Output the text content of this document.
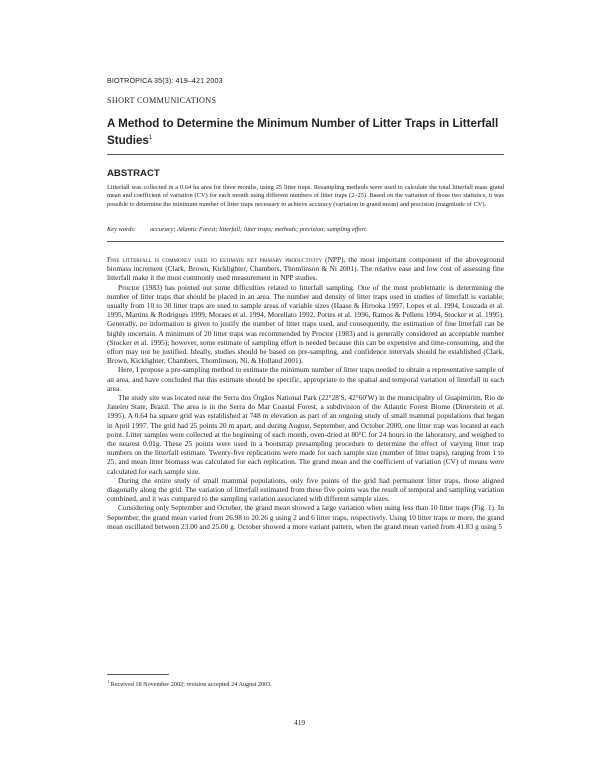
BIOTROPICA 35(3): 419–421 2003
SHORT COMMUNICATIONS
A Method to Determine the Minimum Number of Litter Traps in Litterfall Studies$^1$
ABSTRACT
Litterfall was collected in a 0.64 ha area for three months, using 25 litter traps. Resampling methods were used to calculate the total litterfall mass grand mean and coefficient of variation (CV) for each month using different numbers of litter traps (2–25). Based on the variation of those two statistics, it was possible to determine the minimum number of litter traps necessary to achieve accuracy (variation in grand mean) and precision (magnitude of CV).
Key words: accuracy; Atlantic Forest; litterfall; litter traps; methods; precision; sampling effort.

Fine litterfall is commonly used to estimate net primary productivity (NPP), the most important component of the aboveground biomass increment (Clark, Brown, Kicklighter, Chambers, Thomlinson & Ni 2001). The relative ease and low cost of assessing fine litterfall make it the most commonly used measurement in NPP studies.

Proctor (1983) has pointed out some difficulties related to litterfall sampling. One of the most problematic is determining the number of litter traps that should be placed in an area. The number and density of litter traps used in studies of litterfall is variable; usually from 10 to 30 litter traps are used to sample areas of variable sizes (Haase & Hirooka 1997, Lopes et al. 1994, Louzada et al. 1995, Martins & Rodrigues 1999, Moraes et al. 1994, Morellato 1992, Portes et al. 1996, Ramos & Pellens 1994, Stocker et al. 1995). Generally, no information is given to justify the number of litter traps used, and consequently, the estimation of fine litterfall can be highly uncertain. A minimum of 20 litter traps was recommended by Proctor (1983) and is generally considered an acceptable number (Stocker et al. 1995); however, some estimate of sampling effort is needed because this can be expensive and time-consuming, and the effort may not be justified. Ideally, studies should be based on pre-sampling, and confidence intervals should be established (Clark, Brown, Kicklighter, Chambers, Thomlinson, Ni, & Holland 2001).

Here, I propose a pre-sampling method to estimate the minimum number of litter traps needed to obtain a representative sample of an area, and have concluded that this estimate should be specific, appropriate to the spatial and temporal variation of litterfall in each area.

The study site was located near the Serra dos Órgãos National Park (22°28′S, 42°60′W) in the municipality of Guapimirim, Rio de Janeiro State, Brazil. The area is in the Serra do Mar Coastal Forest, a subdivision of the Atlantic Forest Biome (Dinerstein et al. 1995). A 0.64 ha square grid was established at 748 m elevation as part of an ongoing study of small mammal populations that began in April 1997. The grid had 25 points 20 m apart, and during August, September, and October 2000, one litter trap was located at each point. Litter samples were collected at the beginning of each month, oven-dried at 80°C for 24 hours in the laboratory, and weighed to the nearest 0.01g. These 25 points were used in a bootstrap presampling procedure to determine the effect of varying litter trap numbers on the litterfall estimate. Twenty-five replications were made for each sample size (number of litter traps), ranging from 1 to 25, and mean litter biomass was calculated for each replication. The grand mean and the coefficient of variation (CV) of means were calculated for each sample size.

During the entire study of small mammal populations, only five points of the grid had permanent litter traps, those aligned diagonally along the grid. The variation of litterfall estimated from these five points was the result of temporal and sampling variation combined, and it was compared to the sampling variation associated with different sample sizes.

Considering only September and October, the grand mean showed a large variation when using less than 10 litter traps (Fig. 1). In September, the grand mean varied from 26.98 to 20.26 g using 2 and 6 litter traps, respectively. Using 10 litter traps or more, the grand mean oscillated between 23.00 and 25.00 g. October showed a more variant pattern, when the grand mean varied from 41.83 g using 5

$^1$ Received 18 November 2002; revision accepted 24 August 2003.
419
